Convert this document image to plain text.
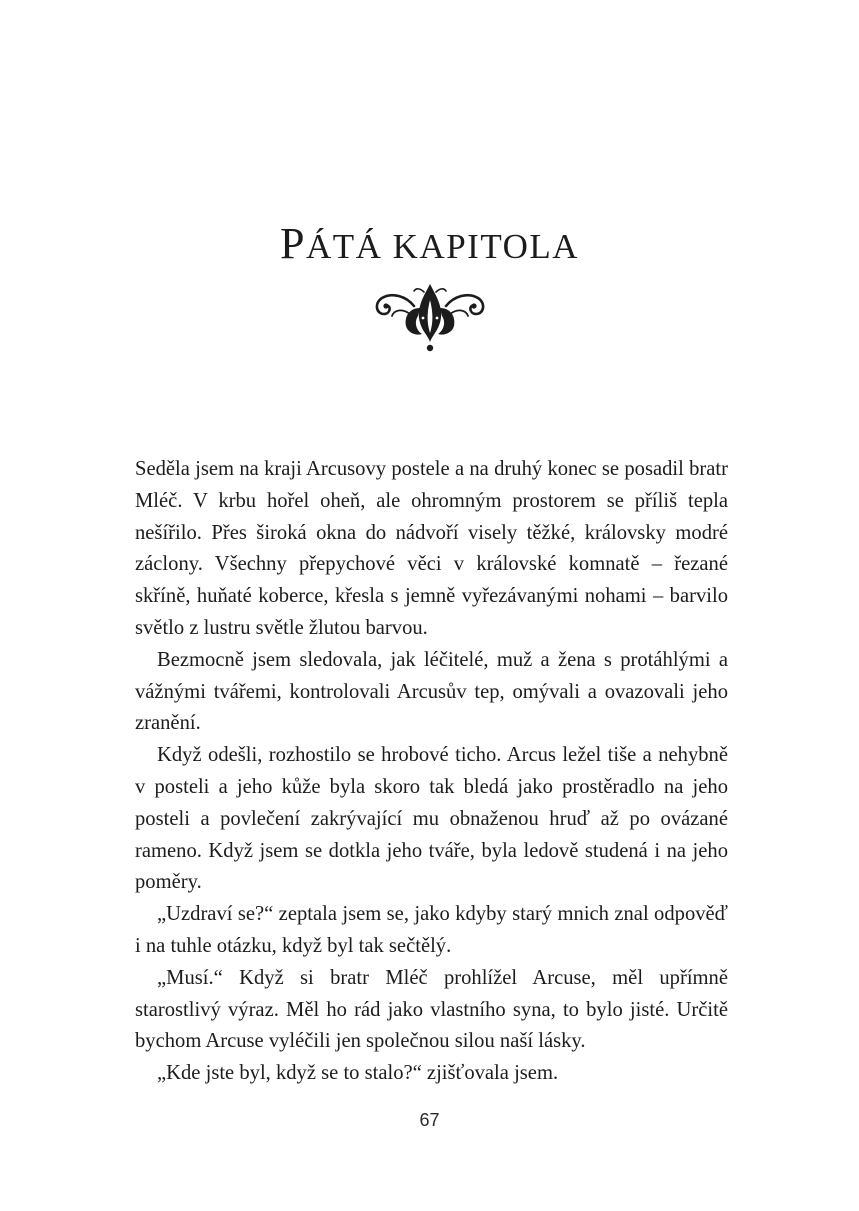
PÁTÁ KAPITOLA

Seděla jsem na kraji Arcusovy postele a na druhý konec se posadil bratr Mléč. V krbu hořel oheň, ale ohromným prostorem se příliš tepla nešířilo. Přes široká okna do nádvoří visely těžké, královsky modré záclony. Všechny přepychové věci v královské komnatě – řezané skříně, huňaté koberce, křesla s jemně vyřezávanými nohami – barvilo světlo z lustru světle žlutou barvou.

Bezmocně jsem sledovala, jak léčitelé, muž a žena s protáhlými a vážnými tvářemi, kontrolovali Arcusův tep, omývali a ovazovali jeho zranění.

Když odešli, rozhostilo se hrobové ticho. Arcus ležel tiše a nehybně v posteli a jeho kůže byla skoro tak bledá jako prostěradlo na jeho posteli a povlečení zakrývající mu obnaženou hruď až po ovázané rameno. Když jsem se dotkla jeho tváře, byla ledově studená i na jeho poměry.

„Uzdraví se?“ zeptala jsem se, jako kdyby starý mnich znal odpověď i na tuhle otázku, když byl tak sečtělý.

„Musí.“ Když si bratr Mléč prohlížel Arcuse, měl upřímně starostlivý výraz. Měl ho rád jako vlastního syna, to bylo jisté. Určitě bychom Arcuse vyléčili jen společnou silou naší lásky.

„Kde jste byl, když se to stalo?“ zjišťovala jsem.

67
